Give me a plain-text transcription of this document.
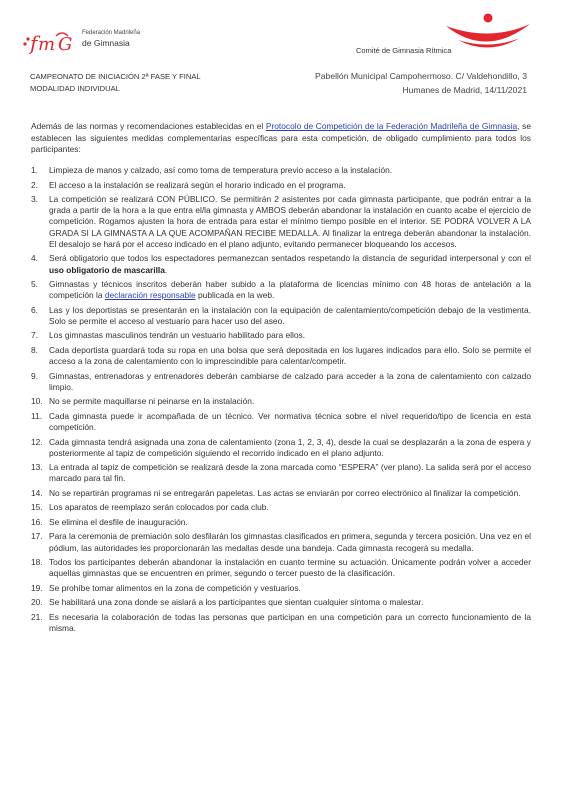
f m G
Federación Madrileña
de Gimnasia
Comité de Gimnasia Rítmica
CAMPEONATO DE INICIACIÓN 2ª FASE Y FINAL
MODALIDAD INDIVIDUAL
Pabellón Municipal Campohermoso. C/ Valdehondillo, 3
Humanes de Madrid, 14/11/2021

Además de las normas y recomendaciones establecidas en el Protocolo de Competición de la Federación Madrileña de Gimnasia, se establecen las siguientes medidas complementarias específicas para esta competición, de obligado cumplimiento para todos los participantes:

1. Limpieza de manos y calzado, así como toma de temperatura previo acceso a la instalación.
2. El acceso a la instalación se realizará según el horario indicado en el programa.
3. La competición se realizará CON PÚBLICO. Se permitirán 2 asistentes por cada gimnasta participante, que podrán entrar a la grada a partir de la hora a la que entra el/la gimnasta y AMBOS deberán abandonar la instalación en cuanto acabe el ejercicio de competición. Rogamos ajusten la hora de entrada para estar el mínimo tiempo posible en el interior. SE PODRÁ VOLVER A LA GRADA SI LA GIMNASTA A LA QUE ACOMPAÑAN RECIBE MEDALLA. Al finalizar la entrega deberán abandonar la instalación. El desalojo se hará por el acceso indicado en el plano adjunto, evitando permanecer bloqueando los accesos.
4. Será obligatorio que todos los espectadores permanezcan sentados respetando la distancia de seguridad interpersonal y con el uso obligatorio de mascarilla.
5. Gimnastas y técnicos inscritos deberán haber subido a la plataforma de licencias mínimo con 48 horas de antelación a la competición la declaración responsable publicada en la web.
6. Las y los deportistas se presentarán en la instalación con la equipación de calentamiento/competición debajo de la vestimenta. Solo se permite el acceso al vestuario para hacer uso del aseo.
7. Los gimnastas masculinos tendrán un vestuario habilitado para ellos.
8. Cada deportista guardará toda su ropa en una bolsa que será depositada en los lugares indicados para ello. Solo se permite el acceso a la zona de calentamiento con lo imprescindible para calentar/competir.
9. Gimnastas, entrenadoras y entrenadores deberán cambiarse de calzado para acceder a la zona de calentamiento con calzado limpio.
10. No se permite maquillarse ni peinarse en la instalación.
11. Cada gimnasta puede ir acompañada de un técnico. Ver normativa técnica sobre el nivel requerido/tipo de licencia en esta competición.
12. Cada gimnasta tendrá asignada una zona de calentamiento (zona 1, 2, 3, 4), desde la cual se desplazarán a la zona de espera y posteriormente al tapiz de competición siguiendo el recorrido indicado en el plano adjunto.
13. La entrada al tapiz de competición se realizará desde la zona marcada como “ESPERA” (ver plano). La salida será por el acceso marcado para tal fin.
14. No se repartirán programas ni se entregarán papeletas. Las actas se enviarán por correo electrónico al finalizar la competición.
15. Los aparatos de reemplazo serán colocados por cada club.
16. Se elimina el desfile de inauguración.
17. Para la ceremonia de premiación solo desfilarán los gimnastas clasificados en primera, segunda y tercera posición. Una vez en el pódium, las autoridades les proporcionarán las medallas desde una bandeja. Cada gimnasta recogerá su medalla.
18. Todos los participantes deberán abandonar la instalación en cuanto termine su actuación. Únicamente podrán volver a acceder aquellas gimnastas que se encuentren en primer, segundo o tercer puesto de la clasificación.
19. Se prohíbe tomar alimentos en la zona de competición y vestuarios.
20. Se habilitará una zona donde se aislará a los participantes que sientan cualquier síntoma o malestar.
21. Es necesaria la colaboración de todas las personas que participan en una competición para un correcto funcionamiento de la misma.
